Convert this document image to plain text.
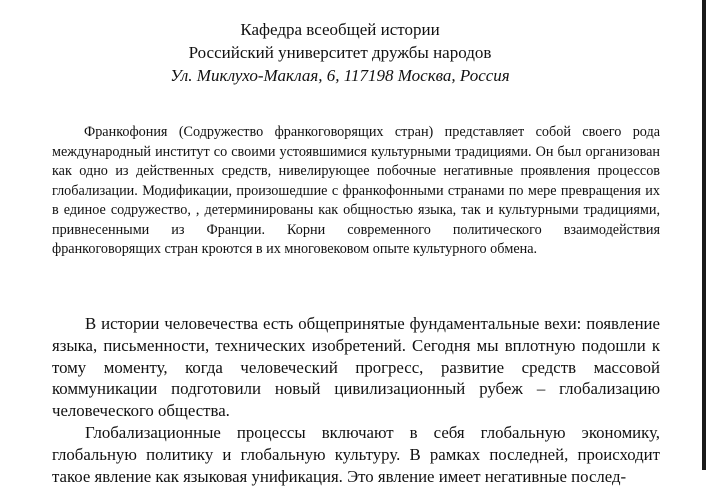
Кафедра всеобщей истории
Российский университет дружбы народов
Ул. Миклухо-Маклая, 6, 117198 Москва, Россия

Франкофония (Содружество франкоговорящих стран) представляет собой своего рода международный институт со своими устоявшимися культурными традициями. Он был организован как одно из действенных средств, нивелирующее побочные негативные проявления процессов глобализации. Модификации, произошедшие с франкофонными странами по мере превращения их в единое содружество, , детерминированы как общностью языка, так и культурными традициями, привнесенными из Франции. Корни современного политического взаимодействия франкоговорящих стран кроются в их многовековом опыте культурного обмена.

В истории человечества есть общепринятые фундаментальные вехи: появление языка, письменности, технических изобретений. Сегодня мы вплотную подошли к тому моменту, когда человеческий прогресс, развитие средств массовой коммуникации подготовили новый цивилизационный рубеж – глобализацию человеческого общества.

Глобализационные процессы включают в себя глобальную экономику, глобальную политику и глобальную культуру. В рамках последней, происходит такое явление как языковая унификация. Это явление имеет негативные послед-
